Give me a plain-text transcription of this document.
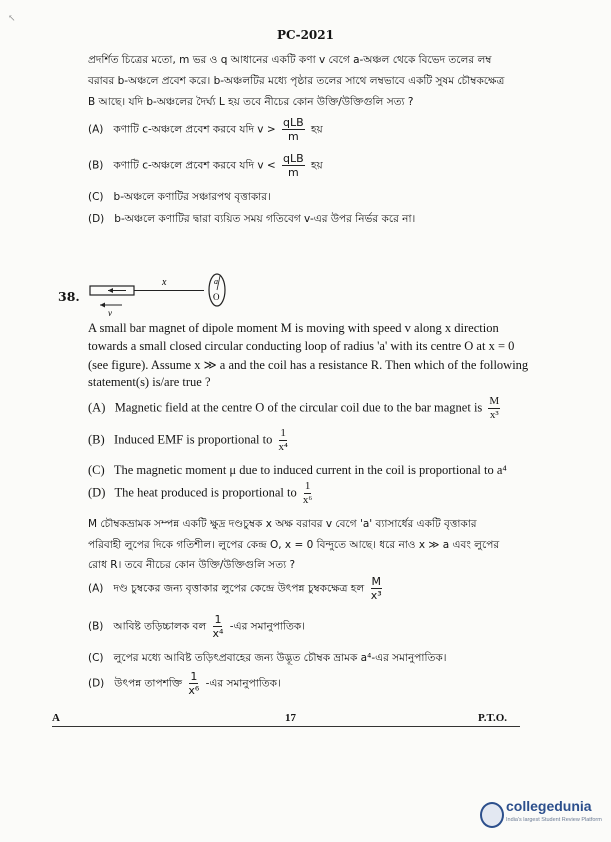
↖
PC-2021
প্রদর্শিত চিত্রের মতো, m ভর ও q আধানের একটি কণা v বেগে a-অঞ্চল থেকে বিভেদ তলের লম্ব
বরাবর b-অঞ্চলে প্রবেশ করে। b-অঞ্চলটির মধ্যে পৃষ্ঠার তলের সাথে লম্বভাবে একটি সুষম চৌম্বকক্ষেত্র
B আছে। যদি b-অঞ্চলের দৈর্ঘ্য L হয় তবে নীচের কোন উক্তি/উক্তিগুলি সত্য ?
(A) কণাটি c-অঞ্চলে প্রবেশ করবে যদি $v > \frac{\text{qLB}}{m}$ হয়
(B) কণাটি c-অঞ্চলে প্রবেশ করবে যদি $v < \frac{\text{qLB}}{m}$ হয়
(C) b-অঞ্চলে কণাটির সঞ্চারপথ বৃত্তাকার।
(D) b-অঞ্চলে কণাটির দ্বারা ব্যয়িত সময় গতিবেগ v-এর উপর নির্ভর করে না।
38.
x
v
a
O
A small bar magnet of dipole moment M is moving with speed v along x direction
towards a small closed circular conducting loop of radius 'a' with its centre O at x = 0
(see figure). Assume x ≫ a and the coil has a resistance R. Then which of the following
statement(s) is/are true ?
(A) Magnetic field at the centre O of the circular coil due to the bar magnet is $\frac{M}{\text{x³}}$
(B) Induced EMF is proportional to $\frac{1}{\text{x⁴}}$
(C) The magnetic moment μ due to induced current in the coil is proportional to a⁴
(D) The heat produced is proportional to $\frac{1}{\text{x⁶}}$
M চৌম্বকভ্রামক সম্পন্ন একটি ক্ষুদ্র দণ্ডচুম্বক x অক্ষ বরাবর v বেগে 'a' ব্যাসার্ধের একটি বৃত্তাকার
পরিবাহী লুপের দিকে গতিশীল। লুপের কেন্দ্র O, x = 0 বিন্দুতে আছে। ধরে নাও x ≫ a এবং লুপের
রোধ R। তবে নীচের কোন উক্তি/উক্তিগুলি সত্য ?
(A) দণ্ড চুম্বকের জন্য বৃত্তাকার লুপের কেন্দ্রে উৎপন্ন চুম্বকক্ষেত্র হল $\frac{M}{\text{x³}}$
(B) আবিষ্ট তড়িচ্চালক বল $\frac{1}{\text{x⁴}}$ -এর সমানুপাতিক।
(C) লুপের মধ্যে আবিষ্ট তড়িৎপ্রবাহের জন্য উদ্ভূত চৌম্বক ভ্রামক a⁴-এর সমানুপাতিক।
(D) উৎপন্ন তাপশক্তি $\frac{1}{\text{x⁶}}$ -এর সমানুপাতিক।
A	17	P.T.O.
collegedunia
India's largest Student Review Platform
